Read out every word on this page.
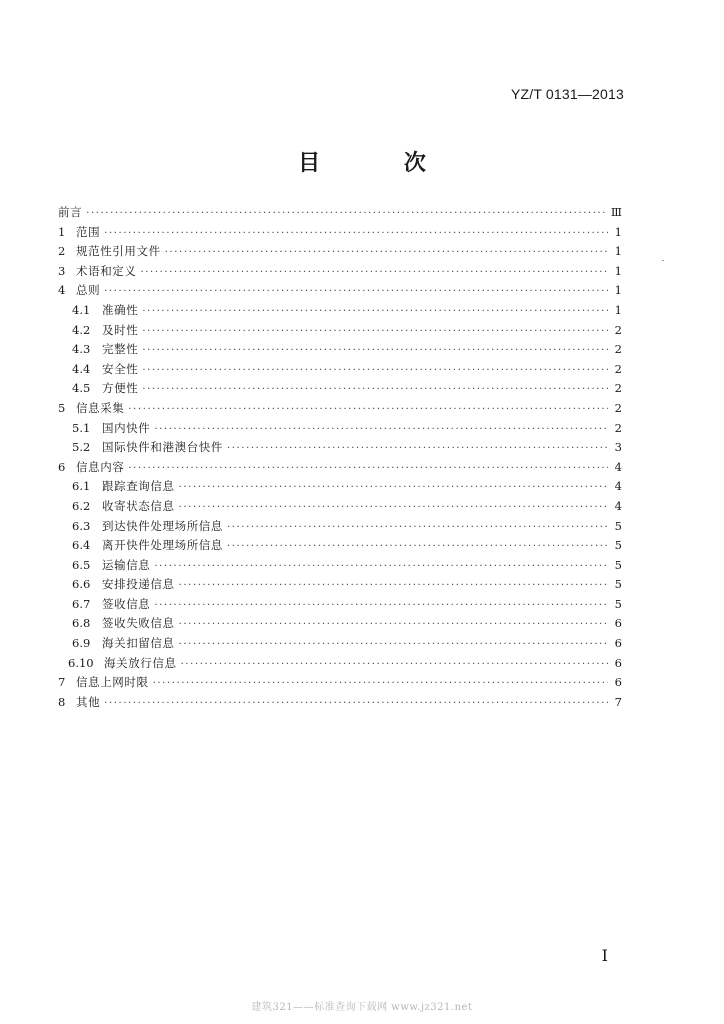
YZ/T 0131—2013
目 次
前言 ·····	Ⅲ
1 范围 ·····	1
2 规范性引用文件 ·····	1
3 术语和定义 ·····	1
4 总则 ·····	1
4.1	准确性 ·····	1
4.2	及时性 ·····	2
4.3	完整性 ·····	2
4.4	安全性 ·····	2
4.5	方便性 ·····	2
5 信息采集 ·····	2
5.1	国内快件 ·····	2
5.2	国际快件和港澳台快件 ·····	3
6 信息内容 ·····	4
6.1	跟踪查询信息 ·····	4
6.2	收寄状态信息 ·····	4
6.3	到达快件处理场所信息 ·····	5
6.4	离开快件处理场所信息 ·····	5
6.5	运输信息 ·····	5
6.6	安排投递信息 ·····	5
6.7	签收信息 ·····	5
6.8	签收失败信息 ·····	6
6.9	海关扣留信息 ·····	6
6.10 海关放行信息 ·····	6
7 信息上网时限 ·····	6
8 其他 ·····	7
I
建筑321——标准查询下载网 www.jz321.net
